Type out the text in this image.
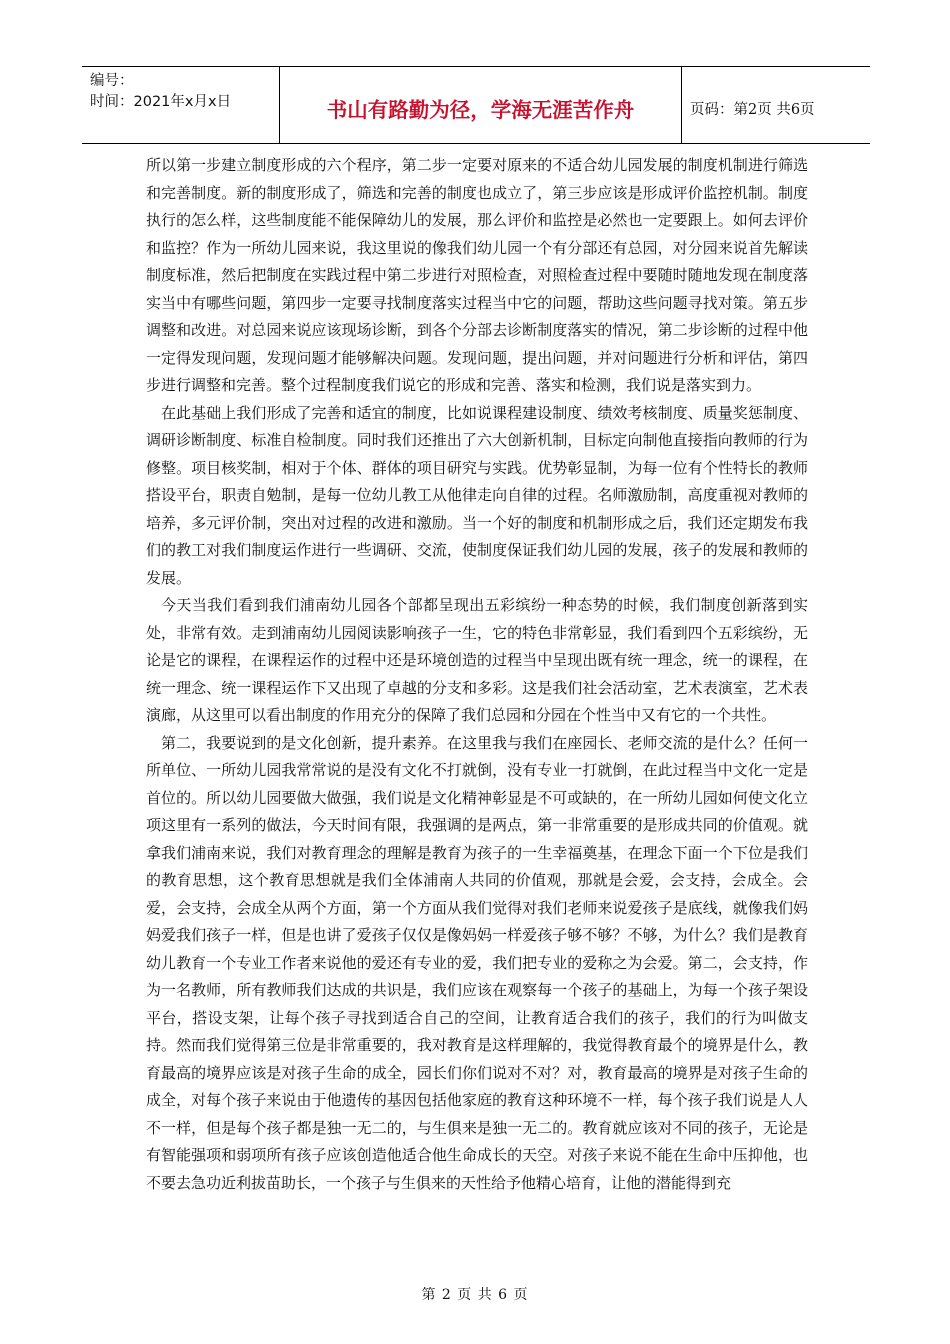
编号：
时间：2021年x月x日	书山有路勤为径，学海无涯苦作舟	页码：第2页 共6页

所以第一步建立制度形成的六个程序，第二步一定要对原来的不适合幼儿园发展的制度机制进行筛选和完善制度。新的制度形成了，筛选和完善的制度也成立了，第三步应该是形成评价监控机制。制度执行的怎么样，这些制度能不能保障幼儿的发展，那么评价和监控是必然也一定要跟上。如何去评价和监控？作为一所幼儿园来说，我这里说的像我们幼儿园一个有分部还有总园，对分园来说首先解读制度标准，然后把制度在实践过程中第二步进行对照检查，对照检查过程中要随时随地发现在制度落实当中有哪些问题，第四步一定要寻找制度落实过程当中它的问题，帮助这些问题寻找对策。第五步调整和改进。对总园来说应该现场诊断，到各个分部去诊断制度落实的情况，第二步诊断的过程中他一定得发现问题，发现问题才能够解决问题。发现问题，提出问题，并对问题进行分析和评估，第四步进行调整和完善。整个过程制度我们说它的形成和完善、落实和检测，我们说是落实到力。

在此基础上我们形成了完善和适宜的制度，比如说课程建设制度、绩效考核制度、质量奖惩制度、调研诊断制度、标准自检制度。同时我们还推出了六大创新机制，目标定向制他直接指向教师的行为修整。项目核奖制，相对于个体、群体的项目研究与实践。优势彰显制，为每一位有个性特长的教师搭设平台，职责自勉制，是每一位幼儿教工从他律走向自律的过程。名师激励制，高度重视对教师的培养，多元评价制，突出对过程的改进和激励。当一个好的制度和机制形成之后，我们还定期发布我们的教工对我们制度运作进行一些调研、交流，使制度保证我们幼儿园的发展，孩子的发展和教师的发展。

今天当我们看到我们浦南幼儿园各个部都呈现出五彩缤纷一种态势的时候，我们制度创新落到实处，非常有效。走到浦南幼儿园阅读影响孩子一生，它的特色非常彰显，我们看到四个五彩缤纷，无论是它的课程，在课程运作的过程中还是环境创造的过程当中呈现出既有统一理念，统一的课程，在统一理念、统一课程运作下又出现了卓越的分支和多彩。这是我们社会活动室，艺术表演室，艺术表演廊，从这里可以看出制度的作用充分的保障了我们总园和分园在个性当中又有它的一个共性。

第二，我要说到的是文化创新，提升素养。在这里我与我们在座园长、老师交流的是什么？任何一所单位、一所幼儿园我常常说的是没有文化不打就倒，没有专业一打就倒，在此过程当中文化一定是首位的。所以幼儿园要做大做强，我们说是文化精神彰显是不可或缺的，在一所幼儿园如何使文化立项这里有一系列的做法，今天时间有限，我强调的是两点，第一非常重要的是形成共同的价值观。就拿我们浦南来说，我们对教育理念的理解是教育为孩子的一生幸福奠基，在理念下面一个下位是我们的教育思想，这个教育思想就是我们全体浦南人共同的价值观，那就是会爱，会支持，会成全。会爱，会支持，会成全从两个方面，第一个方面从我们觉得对我们老师来说爱孩子是底线，就像我们妈妈爱我们孩子一样，但是也讲了爱孩子仅仅是像妈妈一样爱孩子够不够？不够，为什么？我们是教育幼儿教育一个专业工作者来说他的爱还有专业的爱，我们把专业的爱称之为会爱。第二，会支持，作为一名教师，所有教师我们达成的共识是，我们应该在观察每一个孩子的基础上，为每一个孩子架设平台，搭设支架，让每个孩子寻找到适合自己的空间，让教育适合我们的孩子，我们的行为叫做支持。然而我们觉得第三位是非常重要的，我对教育是这样理解的，我觉得教育最个的境界是什么，教育最高的境界应该是对孩子生命的成全，园长们你们说对不对？对，教育最高的境界是对孩子生命的成全，对每个孩子来说由于他遗传的基因包括他家庭的教育这种环境不一样，每个孩子我们说是人人不一样，但是每个孩子都是独一无二的，与生俱来是独一无二的。教育就应该对不同的孩子，无论是有智能强项和弱项所有孩子应该创造他适合他生命成长的天空。对孩子来说不能在生命中压抑他，也不要去急功近利拔苗助长，一个孩子与生俱来的天性给予他精心培育，让他的潜能得到充

第 2 页 共 6 页
